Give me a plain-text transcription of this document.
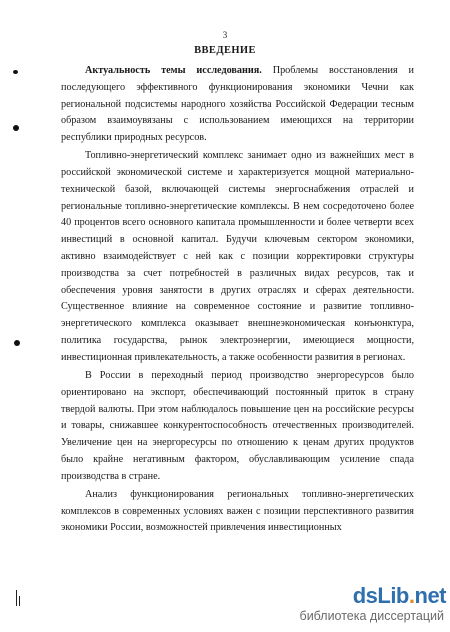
3
ВВЕДЕНИЕ

Актуальность темы исследования. Проблемы восстановления и последующего эффективного функционирования экономики Чечни как региональной подсистемы народного хозяйства Российской Федерации тесным образом взаимоувязаны с использованием имеющихся на территории республики природных ресурсов.

Топливно-энергетический комплекс занимает одно из важнейших мест в российской экономической системе и характеризуется мощной материально-технической базой, включающей системы энергоснабжения отраслей и региональные топливно-энергетические комплексы. В нем сосредоточено более 40 процентов всего основного капитала промышленности и более четверти всех инвестиций в основной капитал. Будучи ключевым сектором экономики, активно взаимодействует с ней как с позиции корректировки структуры производства за счет потребностей в различных видах ресурсов, так и обеспечения уровня занятости в других отраслях и сферах деятельности. Существенное влияние на современное состояние и развитие топливно-энергетического комплекса оказывает внешнеэкономическая конъюнктура, политика государства, рынок электроэнергии, имеющиеся мощности, инвестиционная привлекательность, а также особенности развития в регионах.

В России в переходный период производство энергоресурсов было ориентировано на экспорт, обеспечивающий постоянный приток в страну твердой валюты. При этом наблюдалось повышение цен на российские ресурсы и товары, снижавшее конкурентоспособность отечественных производителей. Увеличение цен на энергоресурсы по отношению к ценам других продуктов было крайне негативным фактором, обуславливающим усиление спада производства в стране.

Анализ функционирования региональных топливно-энергетических комплексов в современных условиях важен с позиции перспективного развития экономики России, возможностей привлечения инвестиционных

dsLib.net
библиотека диссертаций
